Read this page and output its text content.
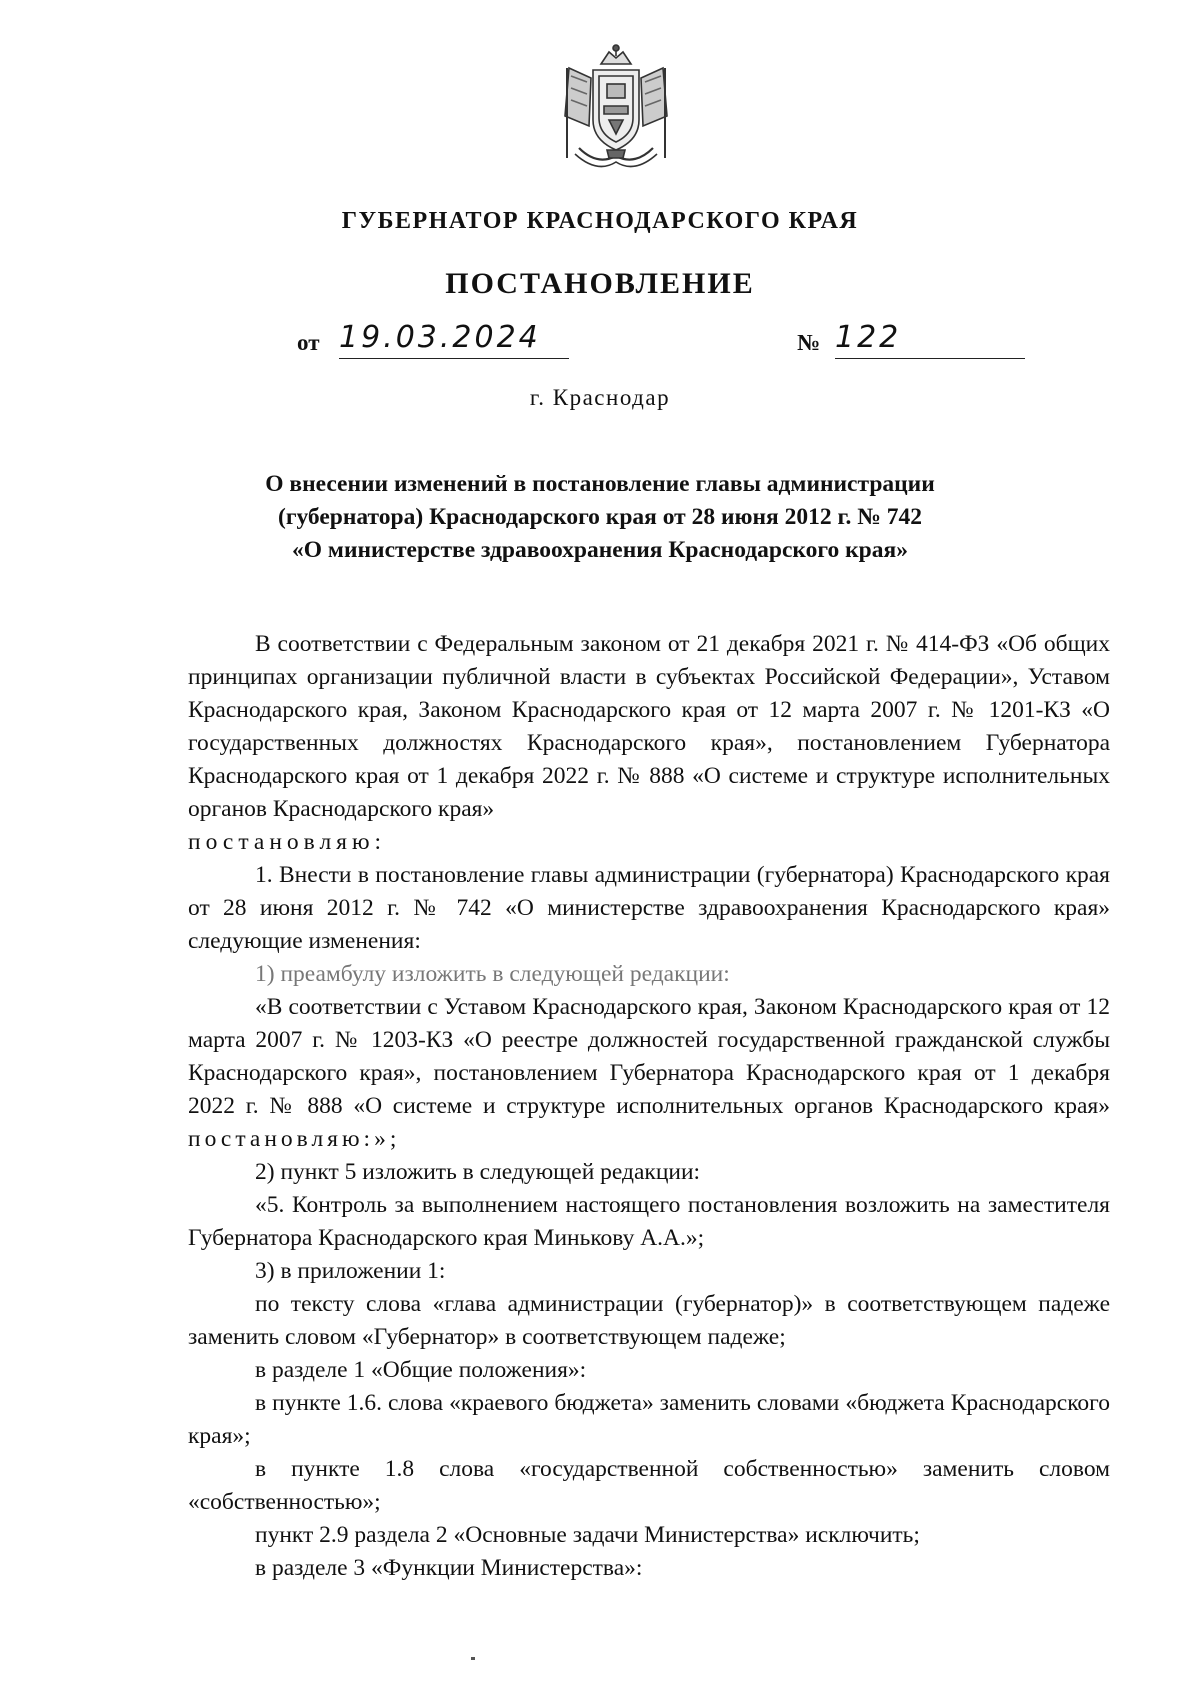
ГУБЕРНАТОР КРАСНОДАРСКОГО КРАЯ
ПОСТАНОВЛЕНИЕ
от 19.03.2024	№ 122
г. Краснодар
О внесении изменений в постановление главы администрации
(губернатора) Краснодарского края от 28 июня 2012 г. № 742
«О министерстве здравоохранения Краснодарского края»

В соответствии с Федеральным законом от 21 декабря 2021 г. № 414-ФЗ «Об общих принципах организации публичной власти в субъектах Российской Федерации», Уставом Краснодарского края, Законом Краснодарского края от 12 марта 2007 г. № 1201-КЗ «О государственных должностях Краснодарского края», постановлением Губернатора Краснодарского края от 1 декабря 2022 г. № 888 «О системе и структуре исполнительных органов Краснодарского края»

постановляю:

1. Внести в постановление главы администрации (губернатора) Краснодарского края от 28 июня 2012 г. № 742 «О министерстве здравоохранения Краснодарского края» следующие изменения:

1) преамбулу изложить в следующей редакции:

«В соответствии с Уставом Краснодарского края, Законом Краснодарского края от 12 марта 2007 г. № 1203-КЗ «О реестре должностей государственной гражданской службы Краснодарского края», постановлением Губернатора Краснодарского края от 1 декабря 2022 г. № 888 «О системе и структуре исполнительных органов Краснодарского края» постановляю:»;

2) пункт 5 изложить в следующей редакции:

«5. Контроль за выполнением настоящего постановления возложить на заместителя Губернатора Краснодарского края Минькову А.А.»;

3) в приложении 1:

по тексту слова «глава администрации (губернатор)» в соответствующем падеже заменить словом «Губернатор» в соответствующем падеже;

в разделе 1 «Общие положения»:

в пункте 1.6. слова «краевого бюджета» заменить словами «бюджета Краснодарского края»;

в пункте 1.8 слова «государственной собственностью» заменить словом «собственностью»;

пункт 2.9 раздела 2 «Основные задачи Министерства» исключить;

в разделе 3 «Функции Министерства»:
